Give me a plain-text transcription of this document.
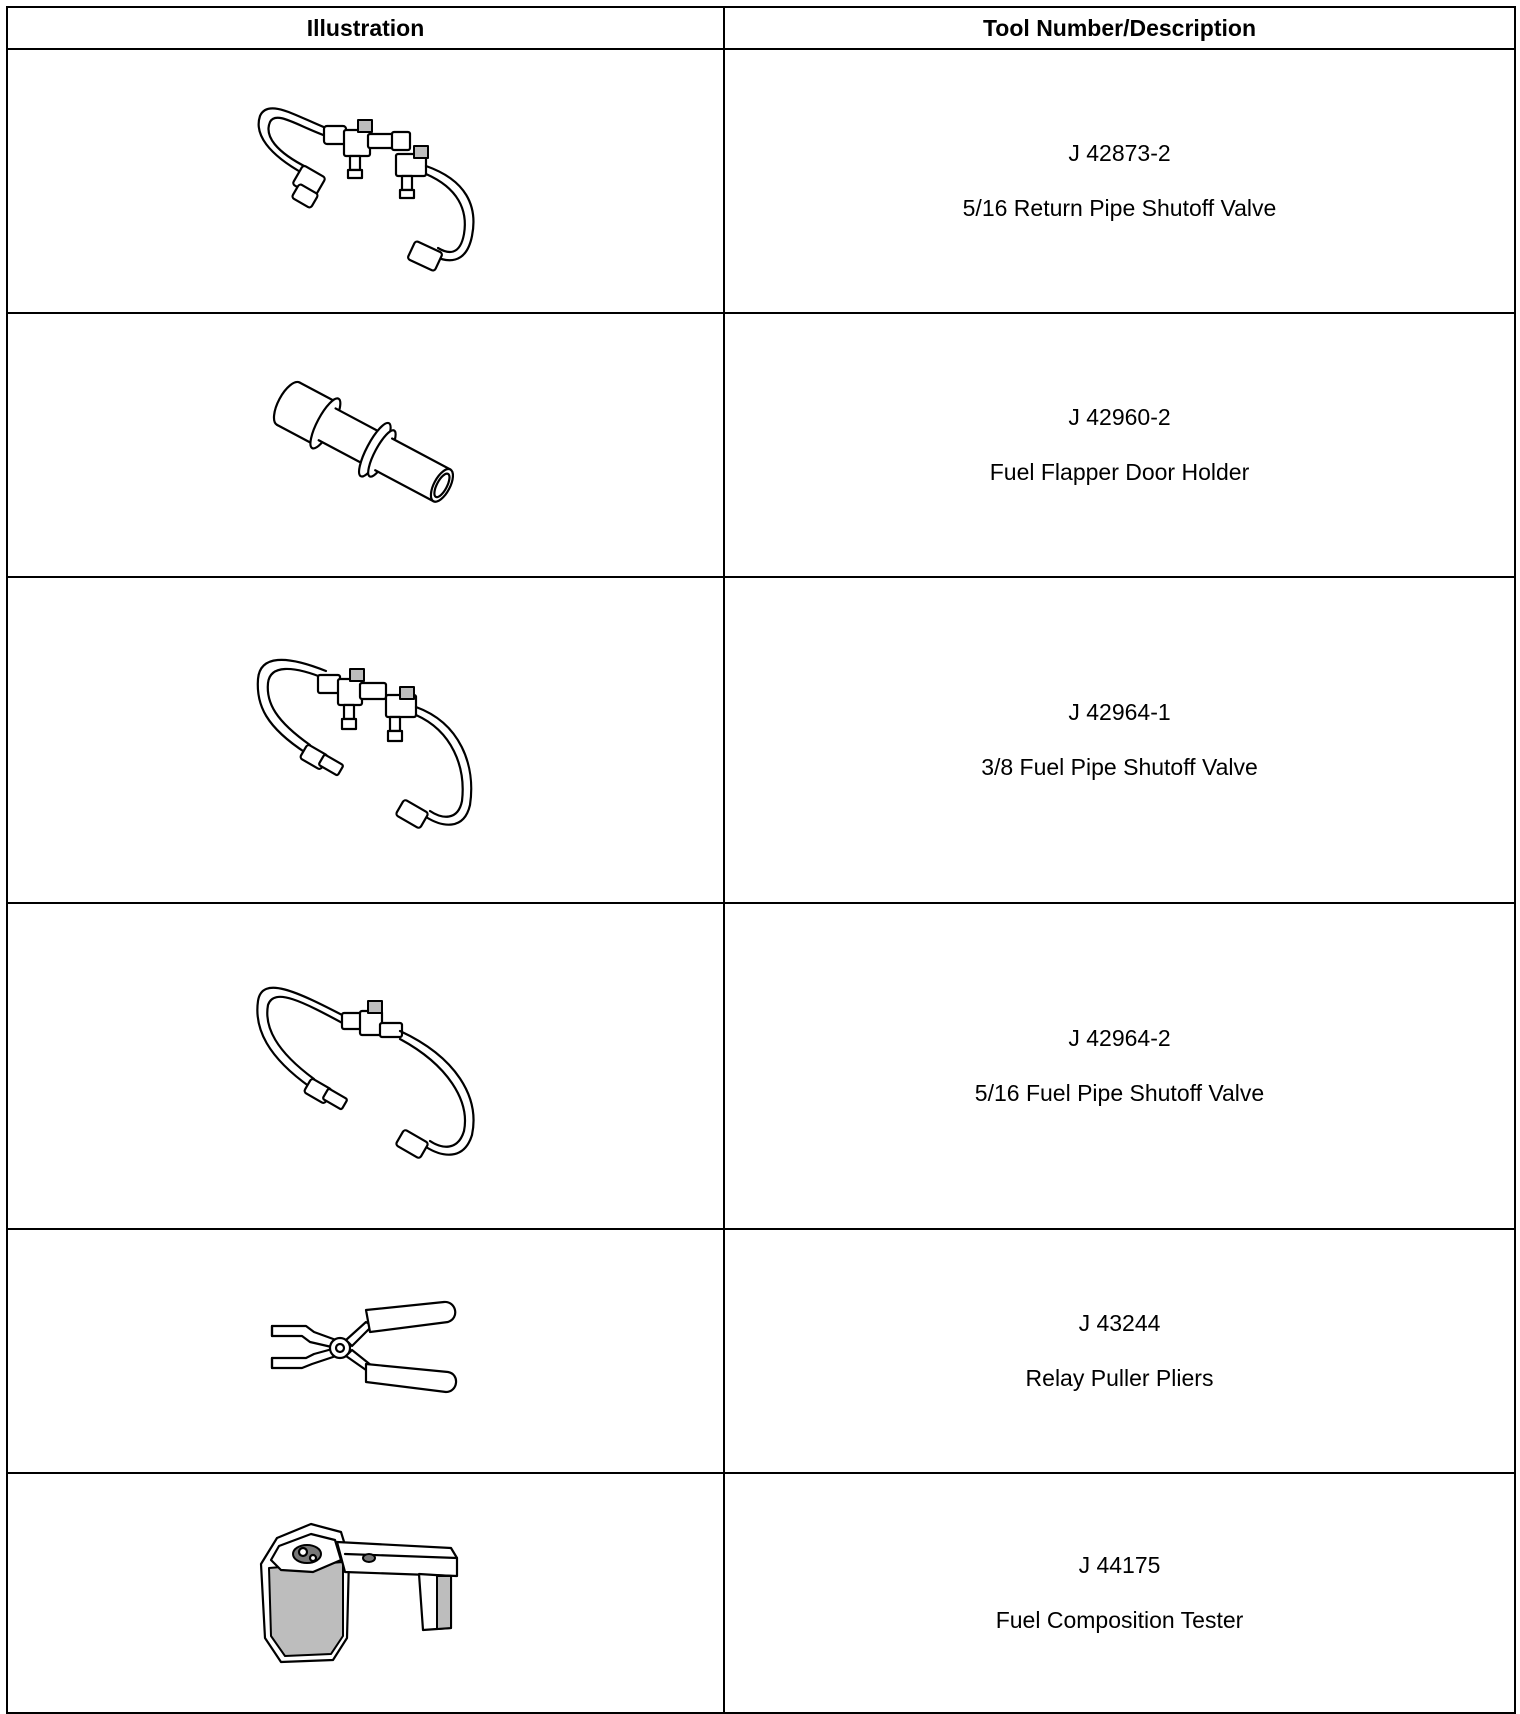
Illustration	Tool Number/Description

J 42873-2
5/16 Return Pipe Shutoff Valve

J 42960-2
Fuel Flapper Door Holder

J 42964-1
3/8 Fuel Pipe Shutoff Valve

J 42964-2
5/16 Fuel Pipe Shutoff Valve

J 43244
Relay Puller Pliers

J 44175
Fuel Composition Tester
